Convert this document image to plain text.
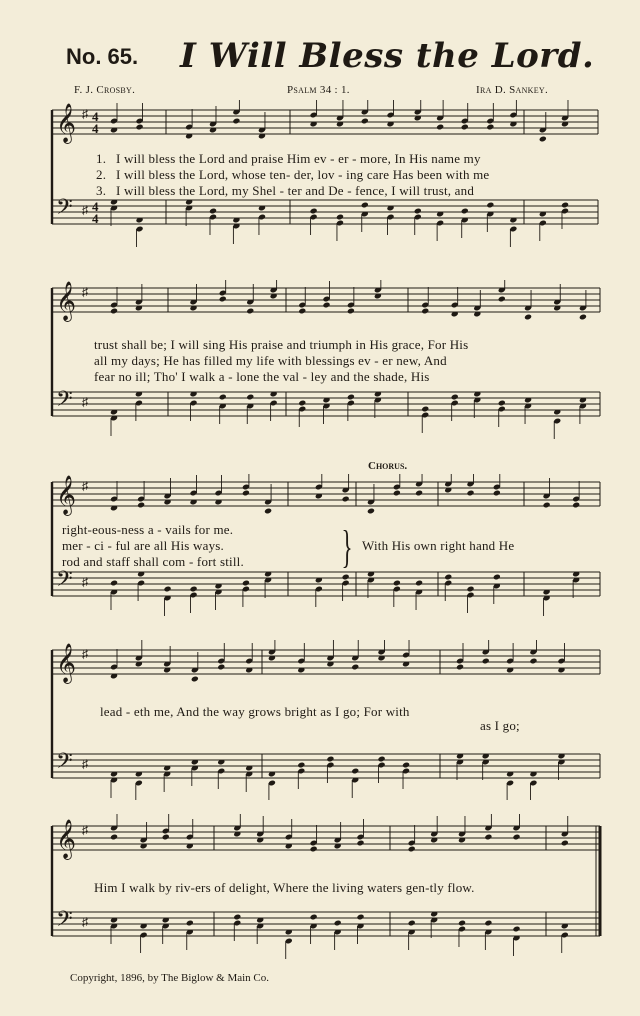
No. 65. I Will Bless the Lord.
F. J. Crosby.	Psalm 34 : 1.	Ira D. Sankey.
𝄞 ♯ 4
4
𝄢 ♯ 4
4
1. I will bless the Lord and praise Him ev - er - more, In His name my
2. I will bless the Lord, whose ten- der, lov - ing care Has been with me
3. I will bless the Lord, my Shel - ter and De - fence, I will trust, and
𝄞 ♯
𝄢 ♯
trust shall be; I will sing His praise and triumph in His grace, For His
all my days; He has filled my life with blessings ev - er new, And
fear no ill; Tho' I walk a - lone the val - ley and the shade, His
Chorus.
𝄞 ♯
𝄢 ♯
right-eous-ness a - vails for me.
mer - ci - ful are all His ways.	With His own right hand He
rod and staff shall com - fort still. }
𝄞 ♯
𝄢 ♯
lead - eth me, And the way grows bright as I go; For with
as I go;
𝄞 ♯
𝄢 ♯
Him I walk by riv-ers of delight, Where the living waters gen-tly flow.
Copyright, 1896, by The Biglow & Main Co.
